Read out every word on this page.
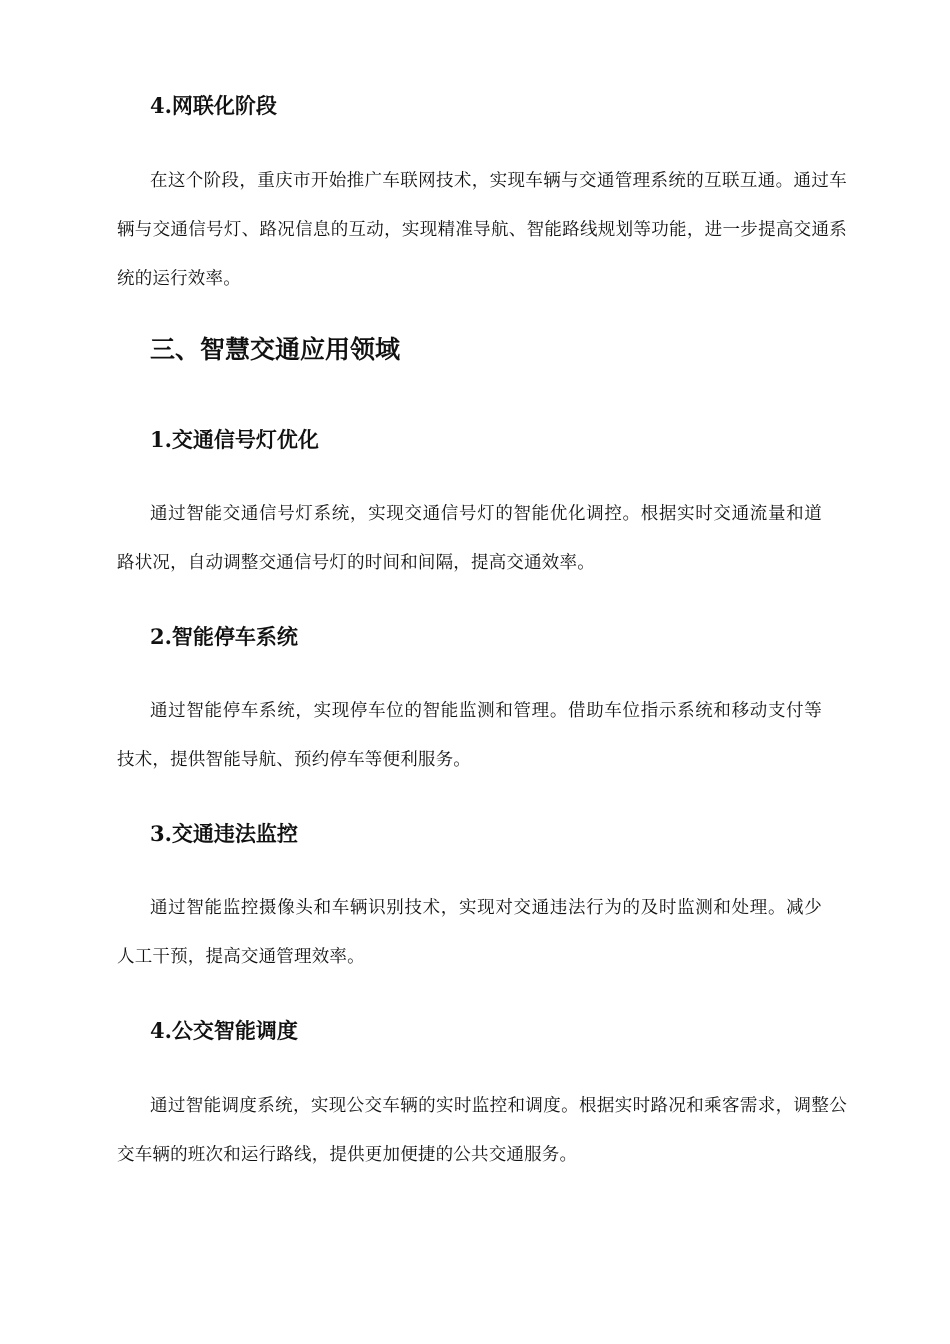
4.网联化阶段

在这个阶段，重庆市开始推广车联网技术，实现车辆与交通管理系统的互联互通。通过车辆与交通信号灯、路况信息的互动，实现精准导航、智能路线规划等功能，进一步提高交通系统的运行效率。

三、智慧交通应用领域
1.交通信号灯优化

通过智能交通信号灯系统，实现交通信号灯的智能优化调控。根据实时交通流量和道路状况，自动调整交通信号灯的时间和间隔，提高交通效率。

2.智能停车系统

通过智能停车系统，实现停车位的智能监测和管理。借助车位指示系统和移动支付等技术，提供智能导航、预约停车等便利服务。

3.交通违法监控

通过智能监控摄像头和车辆识别技术，实现对交通违法行为的及时监测和处理。减少人工干预，提高交通管理效率。

4.公交智能调度

通过智能调度系统，实现公交车辆的实时监控和调度。根据实时路况和乘客需求，调整公交车辆的班次和运行路线，提供更加便捷的公共交通服务。
